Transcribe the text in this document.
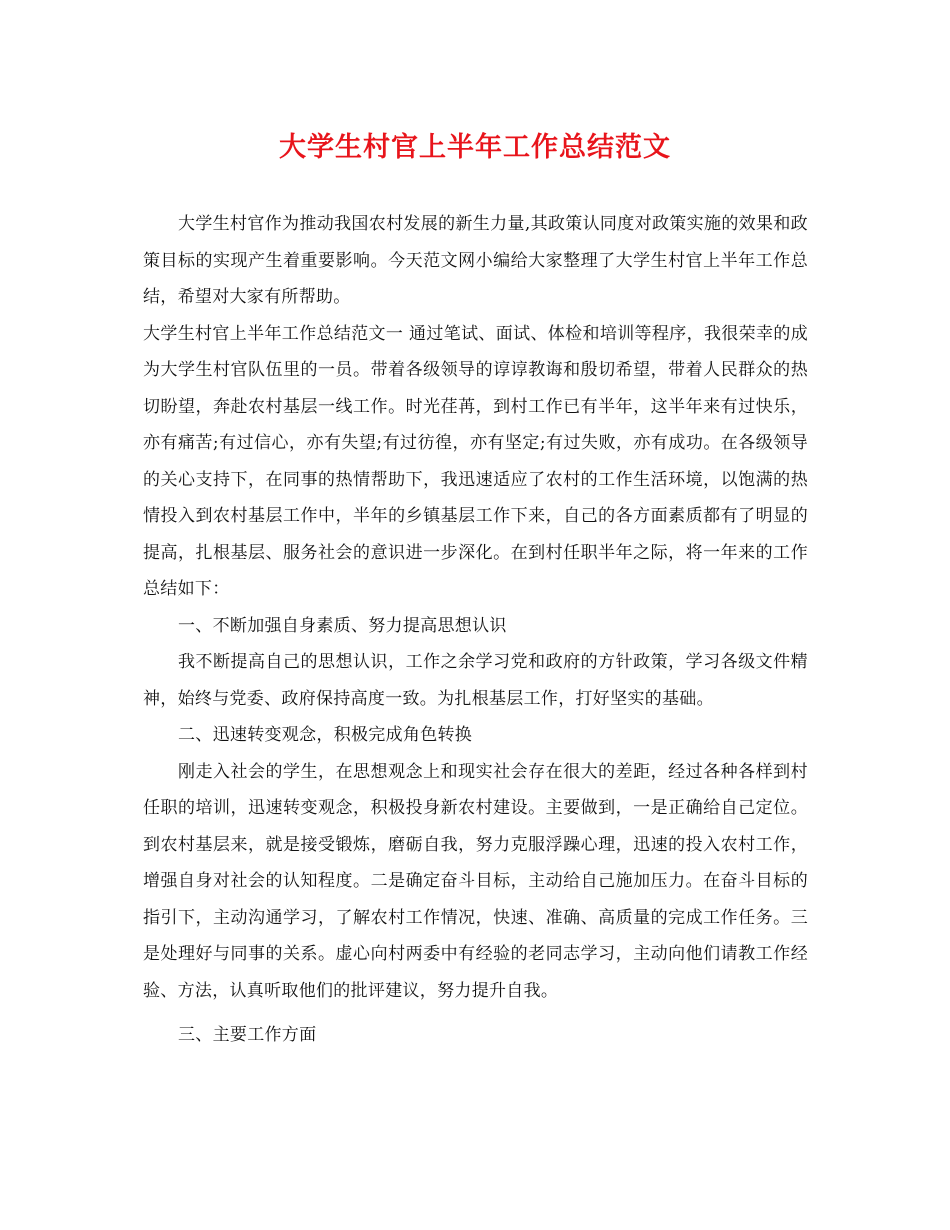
大学生村官上半年工作总结范文

大学生村官作为推动我国农村发展的新生力量,其政策认同度对政策实施的效果和政策目标的实现产生着重要影响。今天范文网小编给大家整理了大学生村官上半年工作总结，希望对大家有所帮助。

大学生村官上半年工作总结范文一 通过笔试、面试、体检和培训等程序，我很荣幸的成为大学生村官队伍里的一员。带着各级领导的谆谆教诲和殷切希望，带着人民群众的热切盼望，奔赴农村基层一线工作。时光荏苒，到村工作已有半年，这半年来有过快乐，亦有痛苦;有过信心，亦有失望;有过彷徨，亦有坚定;有过失败，亦有成功。在各级领导的关心支持下，在同事的热情帮助下，我迅速适应了农村的工作生活环境，以饱满的热情投入到农村基层工作中，半年的乡镇基层工作下来，自己的各方面素质都有了明显的提高，扎根基层、服务社会的意识进一步深化。在到村任职半年之际，将一年来的工作总结如下：

一、不断加强自身素质、努力提高思想认识

我不断提高自己的思想认识，工作之余学习党和政府的方针政策，学习各级文件精神，始终与党委、政府保持高度一致。为扎根基层工作，打好坚实的基础。

二、迅速转变观念，积极完成角色转换

刚走入社会的学生，在思想观念上和现实社会存在很大的差距，经过各种各样到村任职的培训，迅速转变观念，积极投身新农村建设。主要做到，一是正确给自己定位。到农村基层来，就是接受锻炼，磨砺自我，努力克服浮躁心理，迅速的投入农村工作，增强自身对社会的认知程度。二是确定奋斗目标，主动给自己施加压力。在奋斗目标的指引下，主动沟通学习，了解农村工作情况，快速、准确、高质量的完成工作任务。三是处理好与同事的关系。虚心向村两委中有经验的老同志学习，主动向他们请教工作经验、方法，认真听取他们的批评建议，努力提升自我。

三、主要工作方面
